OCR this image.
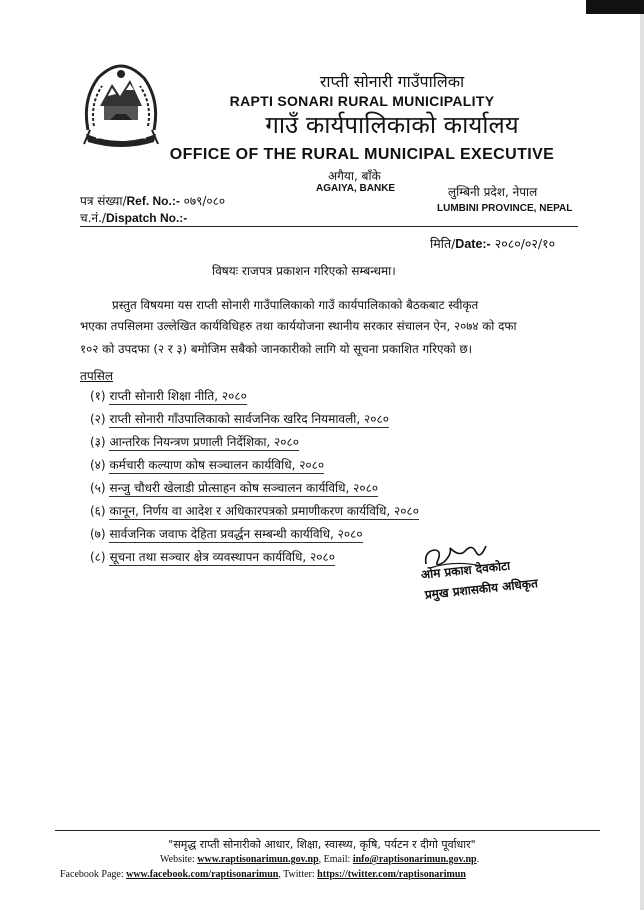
राप्ती सोनारी गाउँपालिका
RAPTI SONARI RURAL MUNICIPALITY
गाउँ कार्यपालिकाको कार्यालय
OFFICE OF THE RURAL MUNICIPAL EXECUTIVE
अगैया, बाँके
AGAIYA, BANKE	लुम्बिनी प्रदेश, नेपाल
LUMBINI PROVINCE, NEPAL
पत्र संख्या/Ref. No.:- ०७९/०८०
च.नं./Dispatch No.:-
मिति/Date:- २०८०/०२/१०
विषयः राजपत्र प्रकाशन गरिएको सम्बन्धमा।
प्रस्तुत विषयमा यस राप्ती सोनारी गाउँपालिकाको गाउँ कार्यपालिकाको बैठकबाट स्वीकृत
भएका तपसिलमा उल्लेखित कार्यविधिहरु तथा कार्ययोजना स्थानीय सरकार संचालन ऐन, २०७४ को दफा
१०२ को उपदफा (२ र ३) बमोजिम सबैको जानकारीको लागि यो सूचना प्रकाशित गरिएको छ।
तपसिल
(१) राप्ती सोनारी शिक्षा नीति, २०८०
(२) राप्ती सोनारी गाँउपालिकाको सार्वजनिक खरिद नियमावली, २०८०
(३) आन्तरिक नियन्त्रण प्रणाली निर्देशिका, २०८०
(४) कर्मचारी कल्याण कोष सञ्चालन कार्यविधि, २०८०
(५) सन्जु चौधरी खेलाडी प्रोत्साहन कोष सञ्चालन कार्यविधि, २०८०
(६) कानून, निर्णय वा आदेश र अधिकारपत्रको प्रमाणीकरण कार्यविधि, २०८०
(७) सार्वजनिक जवाफ देहिता प्रवर्द्धन सम्बन्धी कार्यविधि, २०८०
(८) सूचना तथा सञ्चार क्षेत्र व्यवस्थापन कार्यविधि, २०८०
ओम प्रकाश देवकोटा
प्रमुख प्रशासकीय अधिकृत
"समृद्ध राप्ती सोनारीको आधार, शिक्षा, स्वास्थ्य, कृषि, पर्यटन र दीगो पूर्वाधार"
Website: www.raptisonarimun.gov.np, Email: info@raptisonarimun.gov.np.
Facebook Page: www.facebook.com/raptisonarimun, Twitter: https://twitter.com/raptisonarimun
